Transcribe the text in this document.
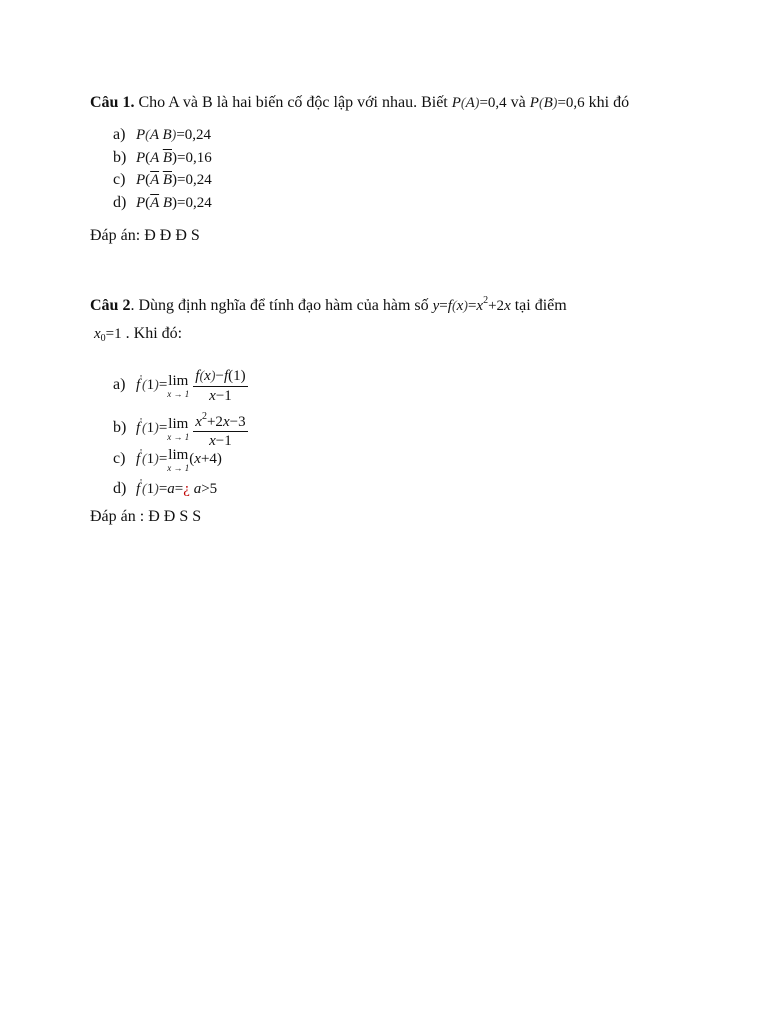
Câu 1. Cho A và B là hai biến cố độc lập với nhau. Biết P(A)=0,4 và P(B)=0,6 khi đó
a) P(A B)=0,24
b) P(A $\overline{B})=0,16$
c) $P(\overline{A}$ $\overline{B})=0,24$
d) $P(\overline{A}$ B)=0,24
Đáp án: Đ Đ Đ S
Câu 2. Dùng định nghĩa để tính đạo hàm của hàm số $y=f(x)=x^2+2x$ tại điểm
$x_0=1$ . Khi đó:
a) f'(1)= lim
$x \to 1 \frac{f(x)-f(1)}{x-1}$
b) f'(1)= lim
$x \to 1 \frac{x^2+2x-3}{x-1}$
c) f'(1)= lim
x → 1
(x+4)
d) f'(1)=a=¿ a>5
Đáp án : Đ Đ S S
